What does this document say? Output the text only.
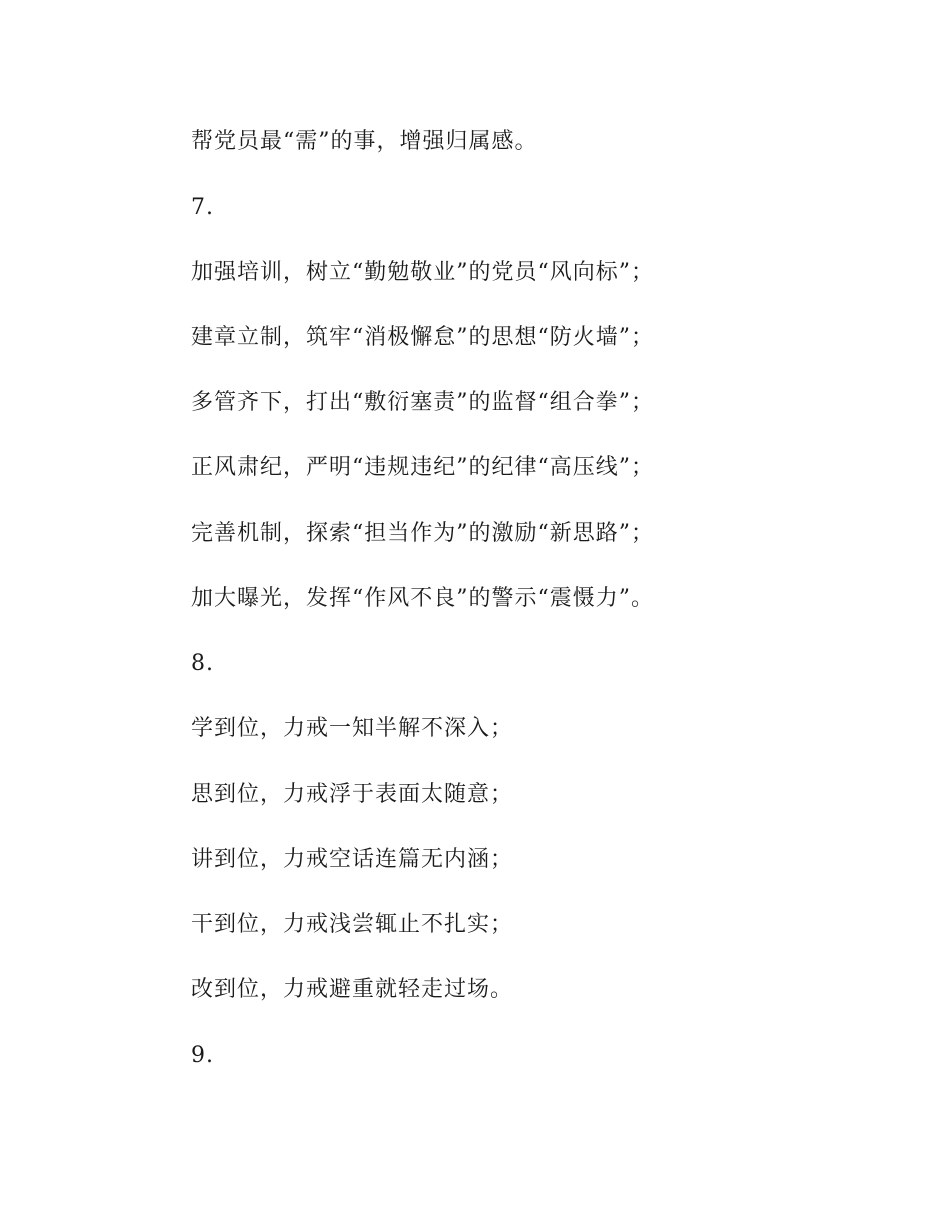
帮党员最“需”的事，增强归属感。
7.
加强培训，树立“勤勉敬业”的党员“风向标”；
建章立制，筑牢“消极懈怠”的思想“防火墙”；
多管齐下，打出“敷衍塞责”的监督“组合拳”；
正风肃纪，严明“违规违纪”的纪律“高压线”；
完善机制，探索“担当作为”的激励“新思路”；
加大曝光，发挥“作风不良”的警示“震慑力”。
8.
学到位，力戒一知半解不深入；
思到位，力戒浮于表面太随意；
讲到位，力戒空话连篇无内涵；
干到位，力戒浅尝辄止不扎实；
改到位，力戒避重就轻走过场。
9.
